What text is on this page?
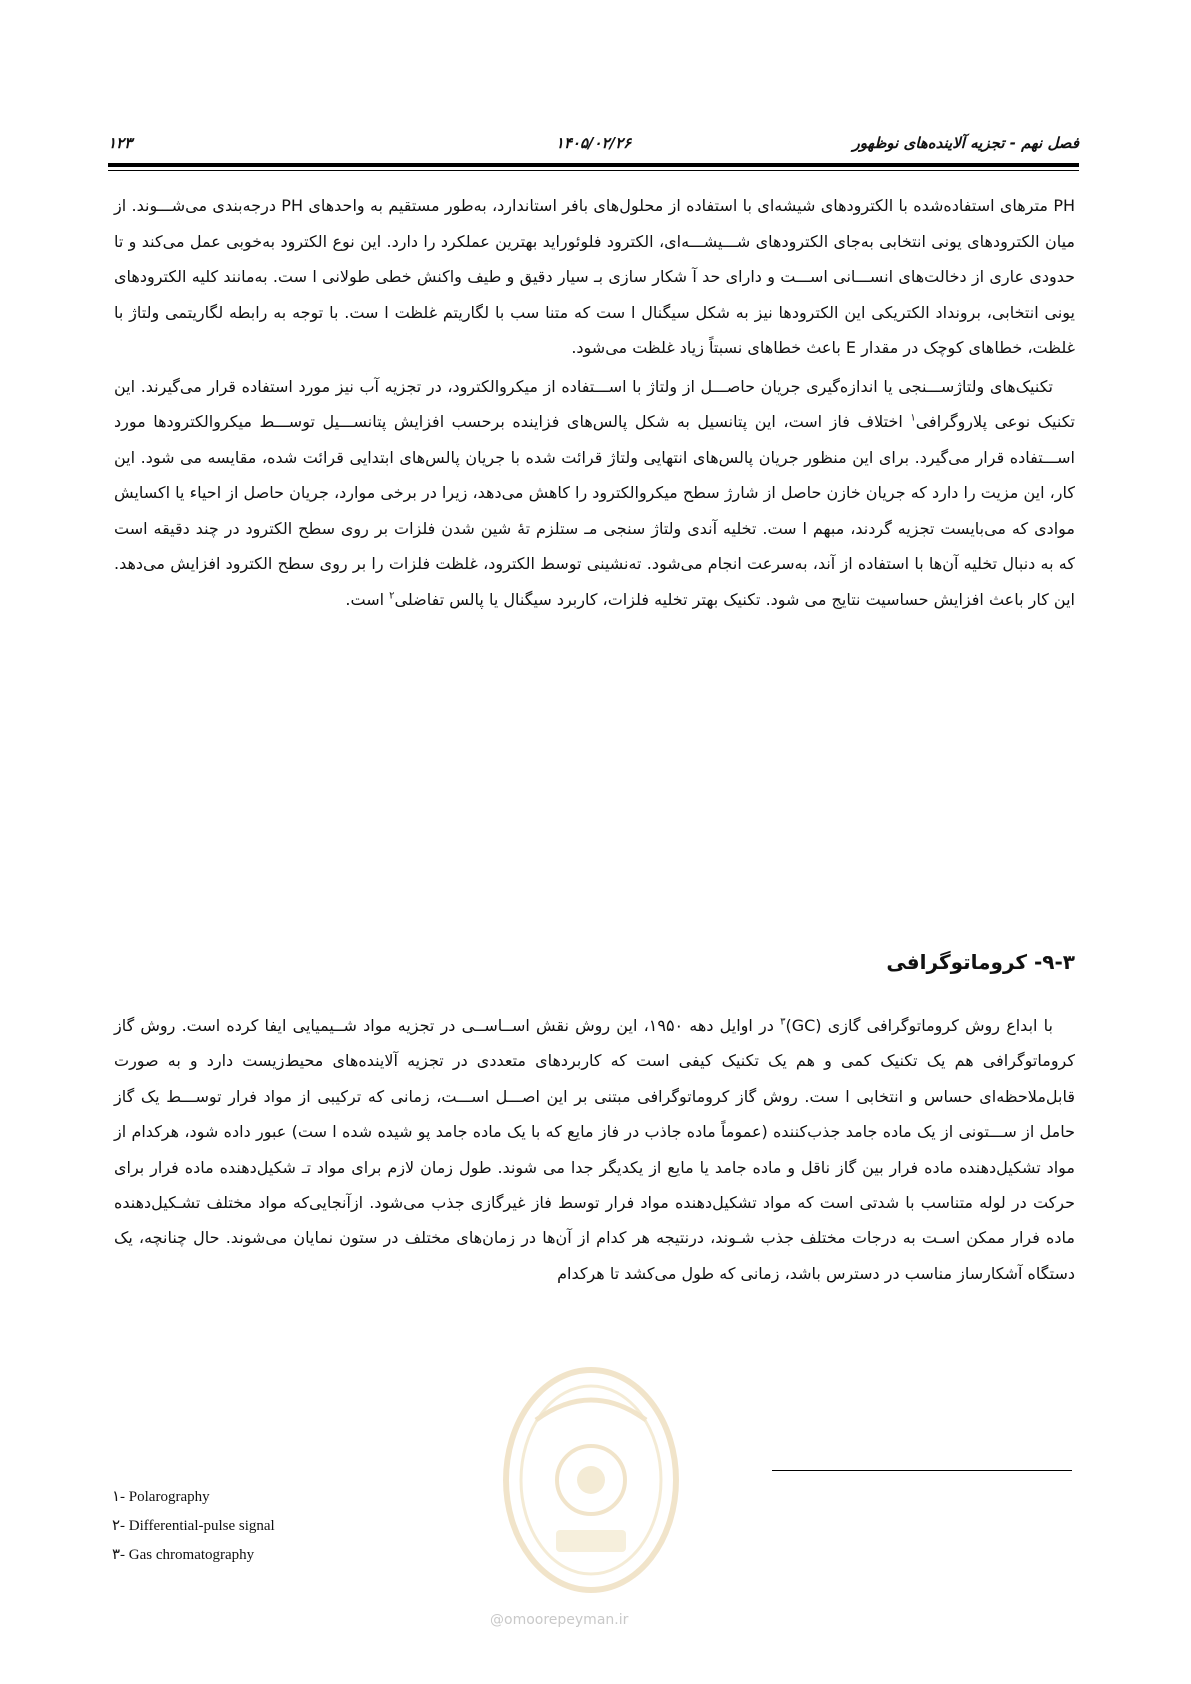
فصل نهم - تجزیه آلاینده‌های نوظهور
۱۴۰۵/۰۲/۲۶
۱۲۳

PH مترهای استفاده‌شده با الکترودهای شیشه‌ای با استفاده از محلول‌های بافر استاندارد، به‌طور مستقیم به واحدهای PH درجه‌بندی می‌شـــوند. از میان الکترودهای یونی انتخابی به‌جای الکترودهای شـــیشـــه‌ای، الکترود فلوئوراید بهترین عملکرد را دارد. این نوع الکترود به‌خوبی عمل می‌کند و تا حدودی عاری از دخالت‌های انســـانی اســـت و دارای حد آ شکار سازی بـ سیار دقیق و طیف واکنش خطی طولانی ا ست. به‌مانند کلیه الکترودهای یونی انتخابی، برونداد الکتریکی این الکترودها نیز به شکل سیگنال ا ست که متنا سب با لگاریتم غلظت ا ست. با توجه به رابطه لگاریتمی ولتاژ با غلظت، خطاهای کوچک در مقدار E باعث خطاهای نسبتاً زیاد غلظت می‌شود.

تکنیک‌های ولتاژســـنجی یا اندازه‌گیری جریان حاصـــل از ولتاژ با اســـتفاده از میکروالکترود، در تجزیه آب نیز مورد استفاده قرار می‌گیرند. این تکنیک نوعی پلاروگرافی$^۱$ اختلاف فاز است، این پتانسیل به شکل پالس‌های فزاینده برحسب افزایش پتانســـیل توســـط میکروالکترودها مورد اســـتفاده قرار می‌گیرد. برای این منظور جریان پالس‌های انتهایی ولتاژ قرائت شده با جریان پالس‌های ابتدایی قرائت شده، مقایسه می شود. این کار، این مزیت را دارد که جریان خازن حاصل از شارژ سطح میکروالکترود را کاهش می‌دهد، زیرا در برخی موارد، جریان حاصل از احیاء یا اکسایش موادی که می‌بایست تجزیه گردند، مبهم ا ست. تخلیه آندی ولتاژ سنجی مـ ستلزم تهٔ شین شدن فلزات بر روی سطح الکترود در چند دقیقه است که به دنبال تخلیه آن‌ها با استفاده از آند، به‌سرعت انجام می‌شود. ته‌نشینی توسط الکترود، غلظت فلزات را بر روی سطح الکترود افزایش می‌دهد. این کار باعث افزایش حساسیت نتایج می شود. تکنیک بهتر تخلیه فلزات، کاربرد سیگنال یا پالس تفاضلی$^۲$ است.

۹-۳- کروماتوگرافی

با ابداع روش کروماتوگرافی گازی (GC)$^۳$ در اوایل دهه ۱۹۵۰، این روش نقش اســاســی در تجزیه مواد شــیمیایی ایفا کرده است. روش گاز کروماتوگرافی هم یک تکنیک کمی و هم یک تکنیک کیفی است که کاربردهای متعددی در تجزیه آلاینده‌های محیط‌زیست دارد و به صورت قابل‌ملاحظه‌ای حساس و انتخابی ا ست. روش گاز کروماتوگرافی مبتنی بر این اصـــل اســـت، زمانی که ترکیبی از مواد فرار توســـط یک گاز حامل از ســـتونی از یک ماده جامد جذب‌کننده (عموماً ماده جاذب در فاز مایع که با یک ماده جامد پو شیده شده ا ست) عبور داده شود، هرکدام از مواد تشکیل‌دهنده ماده فرار بین گاز ناقل و ماده جامد یا مایع از یکدیگر جدا می شوند. طول زمان لازم برای مواد تـ شکیل‌دهنده ماده فرار برای حرکت در لوله متناسب با شدتی است که مواد تشکیل‌دهنده مواد فرار توسط فاز غیرگازی جذب می‌شود. ازآنجایی‌که مواد مختلف تشـکیل‌دهنده ماده فرار ممکن اسـت به درجات مختلف جذب شـوند، درنتیجه هر کدام از آن‌ها در زمان‌های مختلف در ستون نمایان می‌شوند. حال چنانچه، یک دستگاه آشکارساز مناسب در دسترس باشد، زمانی که طول می‌کشد تا هرکدام

۱- Polarography
۲- Differential-pulse signal
۳- Gas chromatography
@omoorepeyman.ir
